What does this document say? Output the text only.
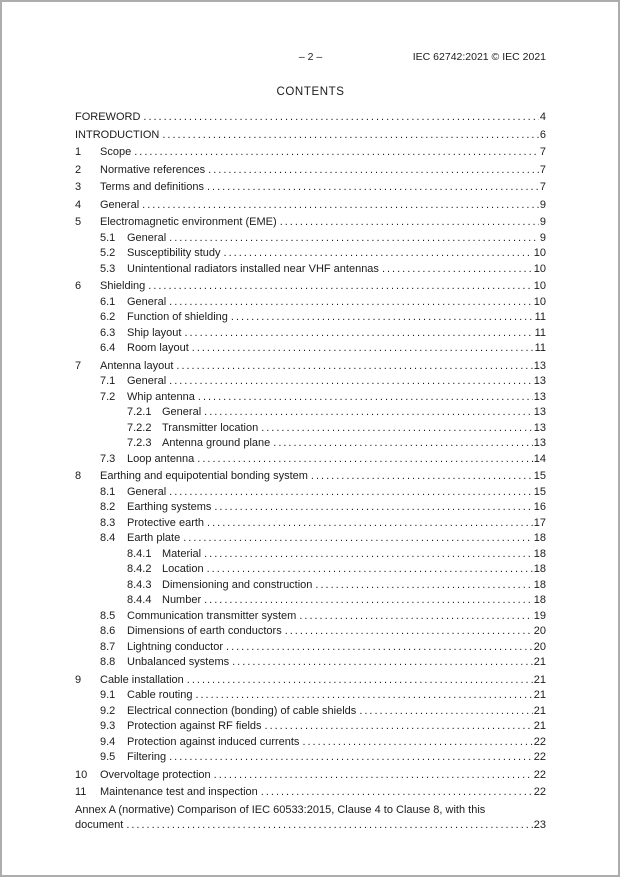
– 2 –	IEC 62742:2021 © IEC 2021
CONTENTS
FOREWORD .....	4
INTRODUCTION .....	6
1	Scope .....	7
2	Normative references .....	7
3	Terms and definitions .....	7
4	General .....	9
5	Electromagnetic environment (EME) .....	9
5.1	General .....	9
5.2	Susceptibility study .....	10
5.3	Unintentional radiators installed near VHF antennas .....	10
6	Shielding .....	10
6.1	General .....	10
6.2	Function of shielding .....	11
6.3	Ship layout .....	11
6.4	Room layout .....	11
7	Antenna layout .....	13
7.1	General .....	13
7.2	Whip antenna .....	13
7.2.1 General .....	13
7.2.2 Transmitter location .....	13
7.2.3 Antenna ground plane .....	13
7.3	Loop antenna .....	14
8	Earthing and equipotential bonding system .....	15
8.1	General .....	15
8.2	Earthing systems .....	16
8.3	Protective earth .....	17
8.4	Earth plate .....	18
8.4.1 Material .....	18
8.4.2 Location .....	18
8.4.3 Dimensioning and construction .....	18
8.4.4 Number .....	18
8.5	Communication transmitter system .....	19
8.6	Dimensions of earth conductors .....	20
8.7	Lightning conductor .....	20
8.8	Unbalanced systems .....	21
9	Cable installation .....	21
9.1	Cable routing .....	21
9.2	Electrical connection (bonding) of cable shields .....	21
9.3	Protection against RF fields .....	21
9.4	Protection against induced currents .....	22
9.5	Filtering .....	22
10	Overvoltage protection .....	22
11	Maintenance test and inspection .....	22
Annex A (normative) Comparison of IEC 60533:2015, Clause 4 to Clause 8, with this
document .....	23
